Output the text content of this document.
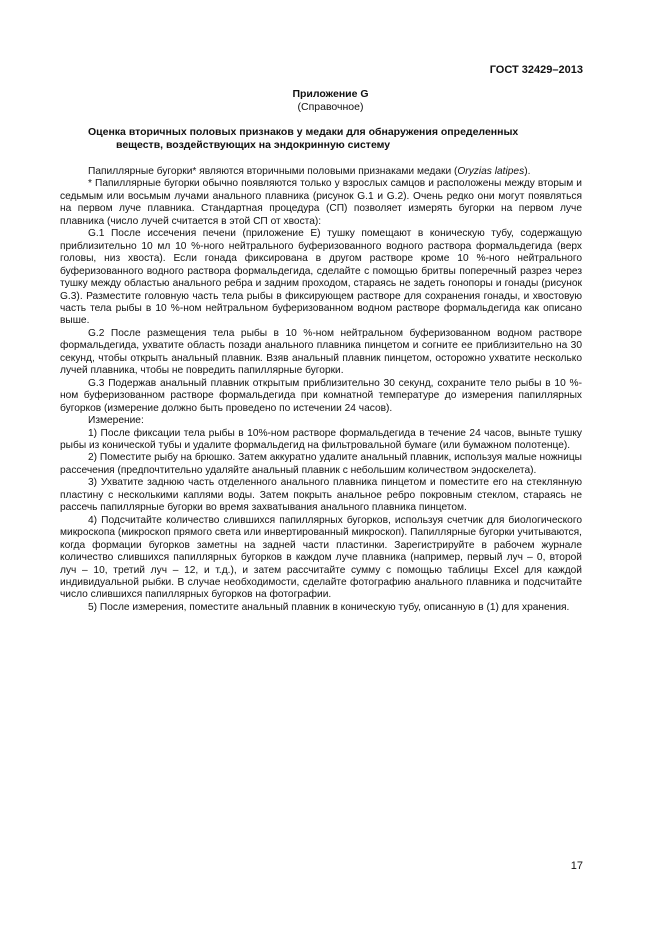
ГОСТ 32429–2013
Приложение G
(Справочное)
Оценка вторичных половых признаков у медаки для обнаружения определенных
веществ, воздействующих на эндокринную систему

Папиллярные бугорки* являются вторичными половыми признаками медаки (Oryzias latipes).

* Папиллярные бугорки обычно появляются только у взрослых самцов и расположены между вторым и седьмым или восьмым лучами анального плавника (рисунок G.1 и G.2). Очень редко они могут появляться на первом луче плавника. Стандартная процедура (СП) позволяет измерять бугорки на первом луче плавника (число лучей считается в этой СП от хвоста):

G.1 После иссечения печени (приложение Е) тушку помещают в коническую тубу, содержащую приблизительно 10 мл 10 %-ного нейтрального буферизованного водного раствора формальдегида (верх головы, низ хвоста). Если гонада фиксирована в другом растворе кроме 10 %-ного нейтрального буферизованного водного раствора формальдегида, сделайте с помощью бритвы поперечный разрез через тушку между областью анального ребра и задним проходом, стараясь не задеть гонопоры и гонады (рисунок G.3). Разместите головную часть тела рыбы в фиксирующем растворе для сохранения гонады, и хвостовую часть тела рыбы в 10 %-ном нейтральном буферизованном водном растворе формальдегида как описано выше.

G.2 После размещения тела рыбы в 10 %-ном нейтральном буферизованном водном растворе формальдегида, ухватите область позади анального плавника пинцетом и согните ее приблизительно на 30 секунд, чтобы открыть анальный плавник. Взяв анальный плавник пинцетом, осторожно ухватите несколько лучей плавника, чтобы не повредить папиллярные бугорки.

G.3 Подержав анальный плавник открытым приблизительно 30 секунд, сохраните тело рыбы в 10 %-ном буферизованном растворе формальдегида при комнатной температуре до измерения папиллярных бугорков (измерение должно быть проведено по истечении 24 часов).

Измерение:

1) После фиксации тела рыбы в 10%-ном растворе формальдегида в течение 24 часов, выньте тушку рыбы из конической тубы и удалите формальдегид на фильтровальной бумаге (или бумажном полотенце).

2) Поместите рыбу на брюшко. Затем аккуратно удалите анальный плавник, используя малые ножницы рассечения (предпочтительно удаляйте анальный плавник с небольшим количеством эндоскелета).

3) Ухватите заднюю часть отделенного анального плавника пинцетом и поместите его на стеклянную пластину с несколькими каплями воды. Затем покрыть анальное ребро покровным стеклом, стараясь не рассечь папиллярные бугорки во время захватывания анального плавника пинцетом.

4) Подсчитайте количество слившихся папиллярных бугорков, используя счетчик для биологического микроскопа (микроскоп прямого света или инвертированный микроскоп). Папиллярные бугорки учитываются, когда формации бугорков заметны на задней части пластинки. Зарегистрируйте в рабочем журнале количество слившихся папиллярных бугорков в каждом луче плавника (например, первый луч – 0, второй луч – 10, третий луч – 12, и т.д.), и затем рассчитайте сумму с помощью таблицы Excel для каждой индивидуальной рыбки. В случае необходимости, сделайте фотографию анального плавника и подсчитайте число слившихся папиллярных бугорков на фотографии.

5) После измерения, поместите анальный плавник в коническую тубу, описанную в (1) для хранения.

17
